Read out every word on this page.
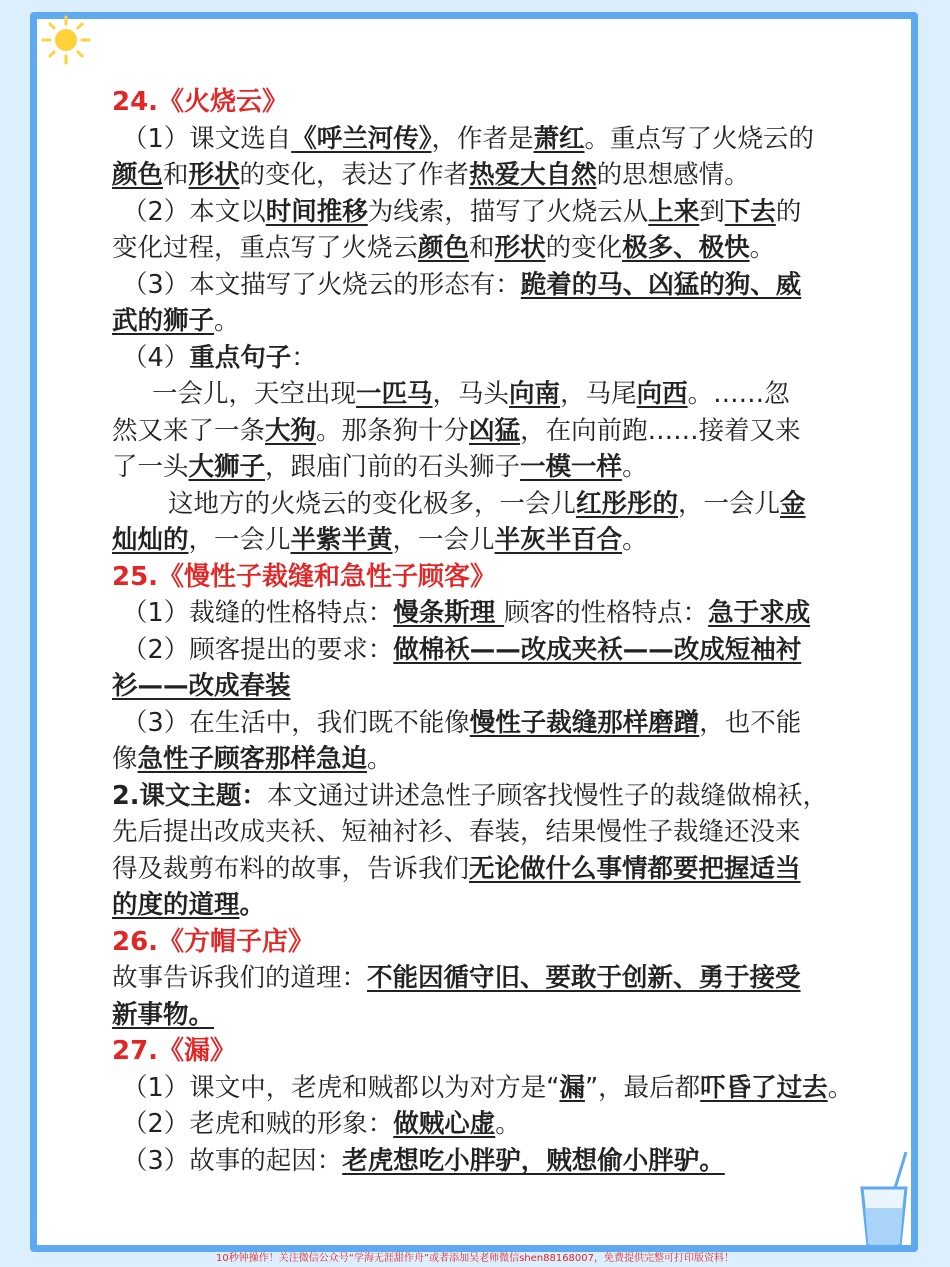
24.《火烧云》

（1）课文选自《呼兰河传》，作者是萧红。重点写了火烧云的

颜色和形状的变化，表达了作者热爱大自然的思想感情。

（2）本文以时间推移为线索，描写了火烧云从上来到下去的

变化过程，重点写了火烧云颜色和形状的变化极多、极快。

（3）本文描写了火烧云的形态有：跪着的马、凶猛的狗、威

武的狮子。

（4）重点句子：

一会儿，天空出现一匹马，马头向南，马尾向西。……忽

然又来了一条大狗。那条狗十分凶猛，在向前跑……接着又来

了一头大狮子，跟庙门前的石头狮子一模一样。

这地方的火烧云的变化极多，一会儿红彤彤的，一会儿金

灿灿的，一会儿半紫半黄，一会儿半灰半百合。

25.《慢性子裁缝和急性子顾客》

（1）裁缝的性格特点：慢条斯理 顾客的性格特点：急于求成

（2）顾客提出的要求：做棉袄——改成夹袄——改成短袖衬

衫——改成春装

（3）在生活中，我们既不能像慢性子裁缝那样磨蹭，也不能

像急性子顾客那样急迫。

2.课文主题：本文通过讲述急性子顾客找慢性子的裁缝做棉袄，

先后提出改成夹袄、短袖衬衫、春装，结果慢性子裁缝还没来

得及裁剪布料的故事，告诉我们无论做什么事情都要把握适当

的度的道理。

26.《方帽子店》

故事告诉我们的道理：不能因循守旧、要敢于创新、勇于接受

新事物。

27.《漏》

（1）课文中，老虎和贼都以为对方是“漏”，最后都吓昏了过去。

（2）老虎和贼的形象：做贼心虚。

（3）故事的起因：老虎想吃小胖驴，贼想偷小胖驴。

10秒钟操作！关注微信公众号“学海无涯甜作舟”或者添加吴老师微信shen88168007，免费提供完整可打印版资料！
